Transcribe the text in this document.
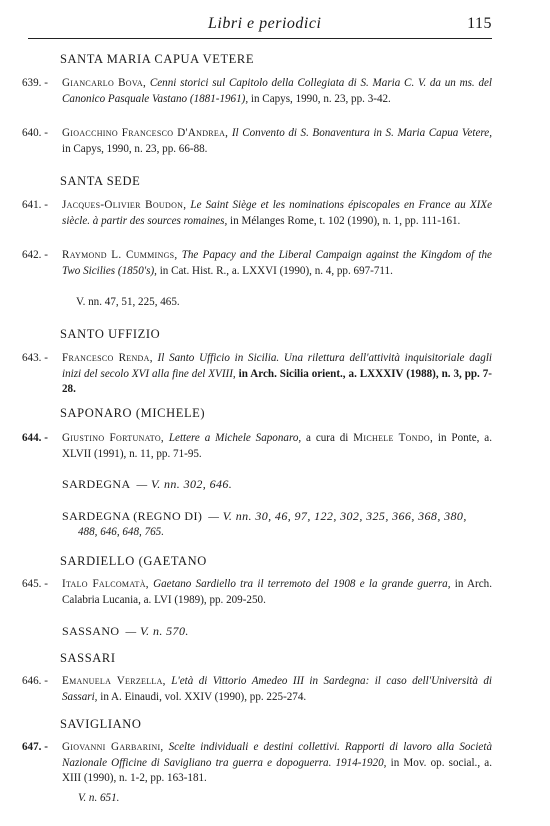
Libri e periodici	115
SANTA MARIA CAPUA VETERE
639. -	Giancarlo Bova, Cenni storici sul Capitolo della Collegiata di S. Maria C. V. da un ms. del Canonico Pasquale Vastano (1881-1961), in Capys, 1990, n. 23, pp. 3-42.
640. -	Gioacchino Francesco D'Andrea, Il Convento di S. Bonaventura in S. Maria Capua Vetere, in Capys, 1990, n. 23, pp. 66-88.
SANTA SEDE
641. -	Jacques-Olivier Boudon, Le Saint Siège et les nominations épiscopales en France au XIXe siècle. à partir des sources romaines, in Mélanges Rome, t. 102 (1990), n. 1, pp. 111-161.
642. -	Raymond L. Cummings, The Papacy and the Liberal Campaign against the Kingdom of the Two Sicilies (1850's), in Cat. Hist. R., a. LXXVI (1990), n. 4, pp. 697-711.
V. nn. 47, 51, 225, 465.
SANTO UFFIZIO
643. -	Francesco Renda, Il Santo Ufficio in Sicilia. Una rilettura dell'attività inquisitoriale dagli inizi del secolo XVI alla fine del XVIII, in Arch. Sicilia orient., a. LXXXIV (1988), n. 3, pp. 7-28.
SAPONARO (MICHELE)
644. -	Giustino Fortunato, Lettere a Michele Saponaro, a cura di Michele Tondo, in Ponte, a. XLVII (1991), n. 11, pp. 71-95.
SARDEGNA — V. nn. 302, 646.
SARDEGNA (REGNO DI) — V. nn. 30, 46, 97, 122, 302, 325, 366, 368, 380,
488, 646, 648, 765.
SARDIELLO (GAETANO
645. -	Italo Falcomatà, Gaetano Sardiello tra il terremoto del 1908 e la grande guerra, in Arch. Calabria Lucania, a. LVI (1989), pp. 209-250.
SASSANO — V. n. 570.
SASSARI
646. -	Emanuela Verzella, L'età di Vittorio Amedeo III in Sardegna: il caso dell'Università di Sassari, in A. Einaudi, vol. XXIV (1990), pp. 225-274.
SAVIGLIANO
647. -	Giovanni Garbarini, Scelte individuali e destini collettivi. Rapporti di lavoro alla Società Nazionale Officine di Savigliano tra guerra e dopoguerra. 1914-1920, in Mov. op. social., a. XIII (1990), n. 1-2, pp. 163-181.
V. n. 651.
